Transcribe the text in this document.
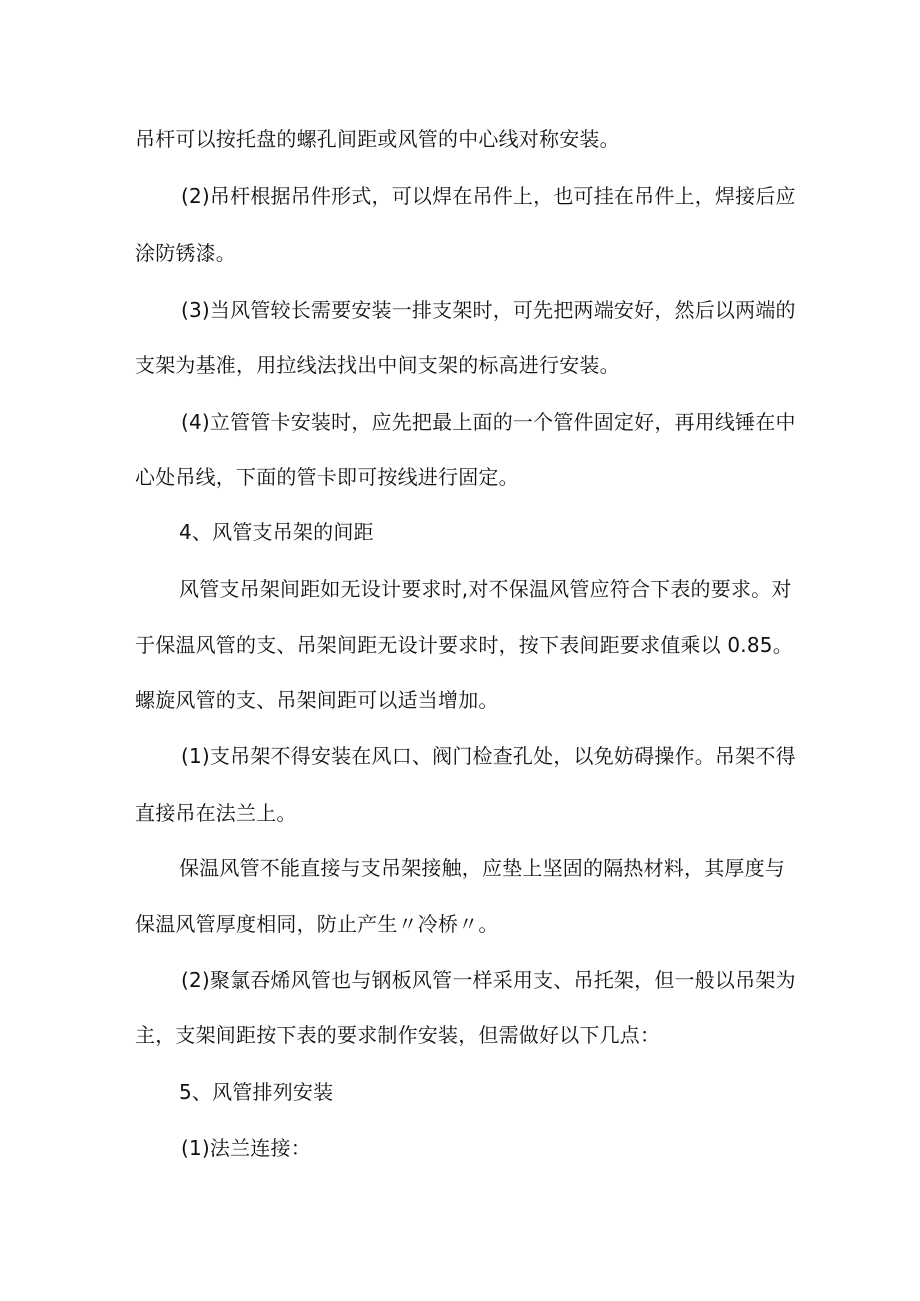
吊杆可以按托盘的螺孔间距或风管的中心线对称安装。
(2)吊杆根据吊件形式，可以焊在吊件上，也可挂在吊件上，焊接后应
涂防锈漆。
(3)当风管较长需要安装一排支架时，可先把两端安好，然后以两端的
支架为基准，用拉线法找出中间支架的标高进行安装。
(4)立管管卡安装时，应先把最上面的一个管件固定好，再用线锤在中
心处吊线，下面的管卡即可按线进行固定。
4、风管支吊架的间距
风管支吊架间距如无设计要求时,对不保温风管应符合下表的要求。对
于保温风管的支、吊架间距无设计要求时，按下表间距要求值乘以 0.85。
螺旋风管的支、吊架间距可以适当增加。
(1)支吊架不得安装在风口、阀门检查孔处，以免妨碍操作。吊架不得
直接吊在法兰上。
保温风管不能直接与支吊架接触，应垫上坚固的隔热材料，其厚度与
保温风管厚度相同，防止产生〃冷桥〃。
(2)聚氯吞烯风管也与钢板风管一样采用支、吊托架，但一般以吊架为
主，支架间距按下表的要求制作安装，但需做好以下几点：
5、风管排列安装
(1)法兰连接：
